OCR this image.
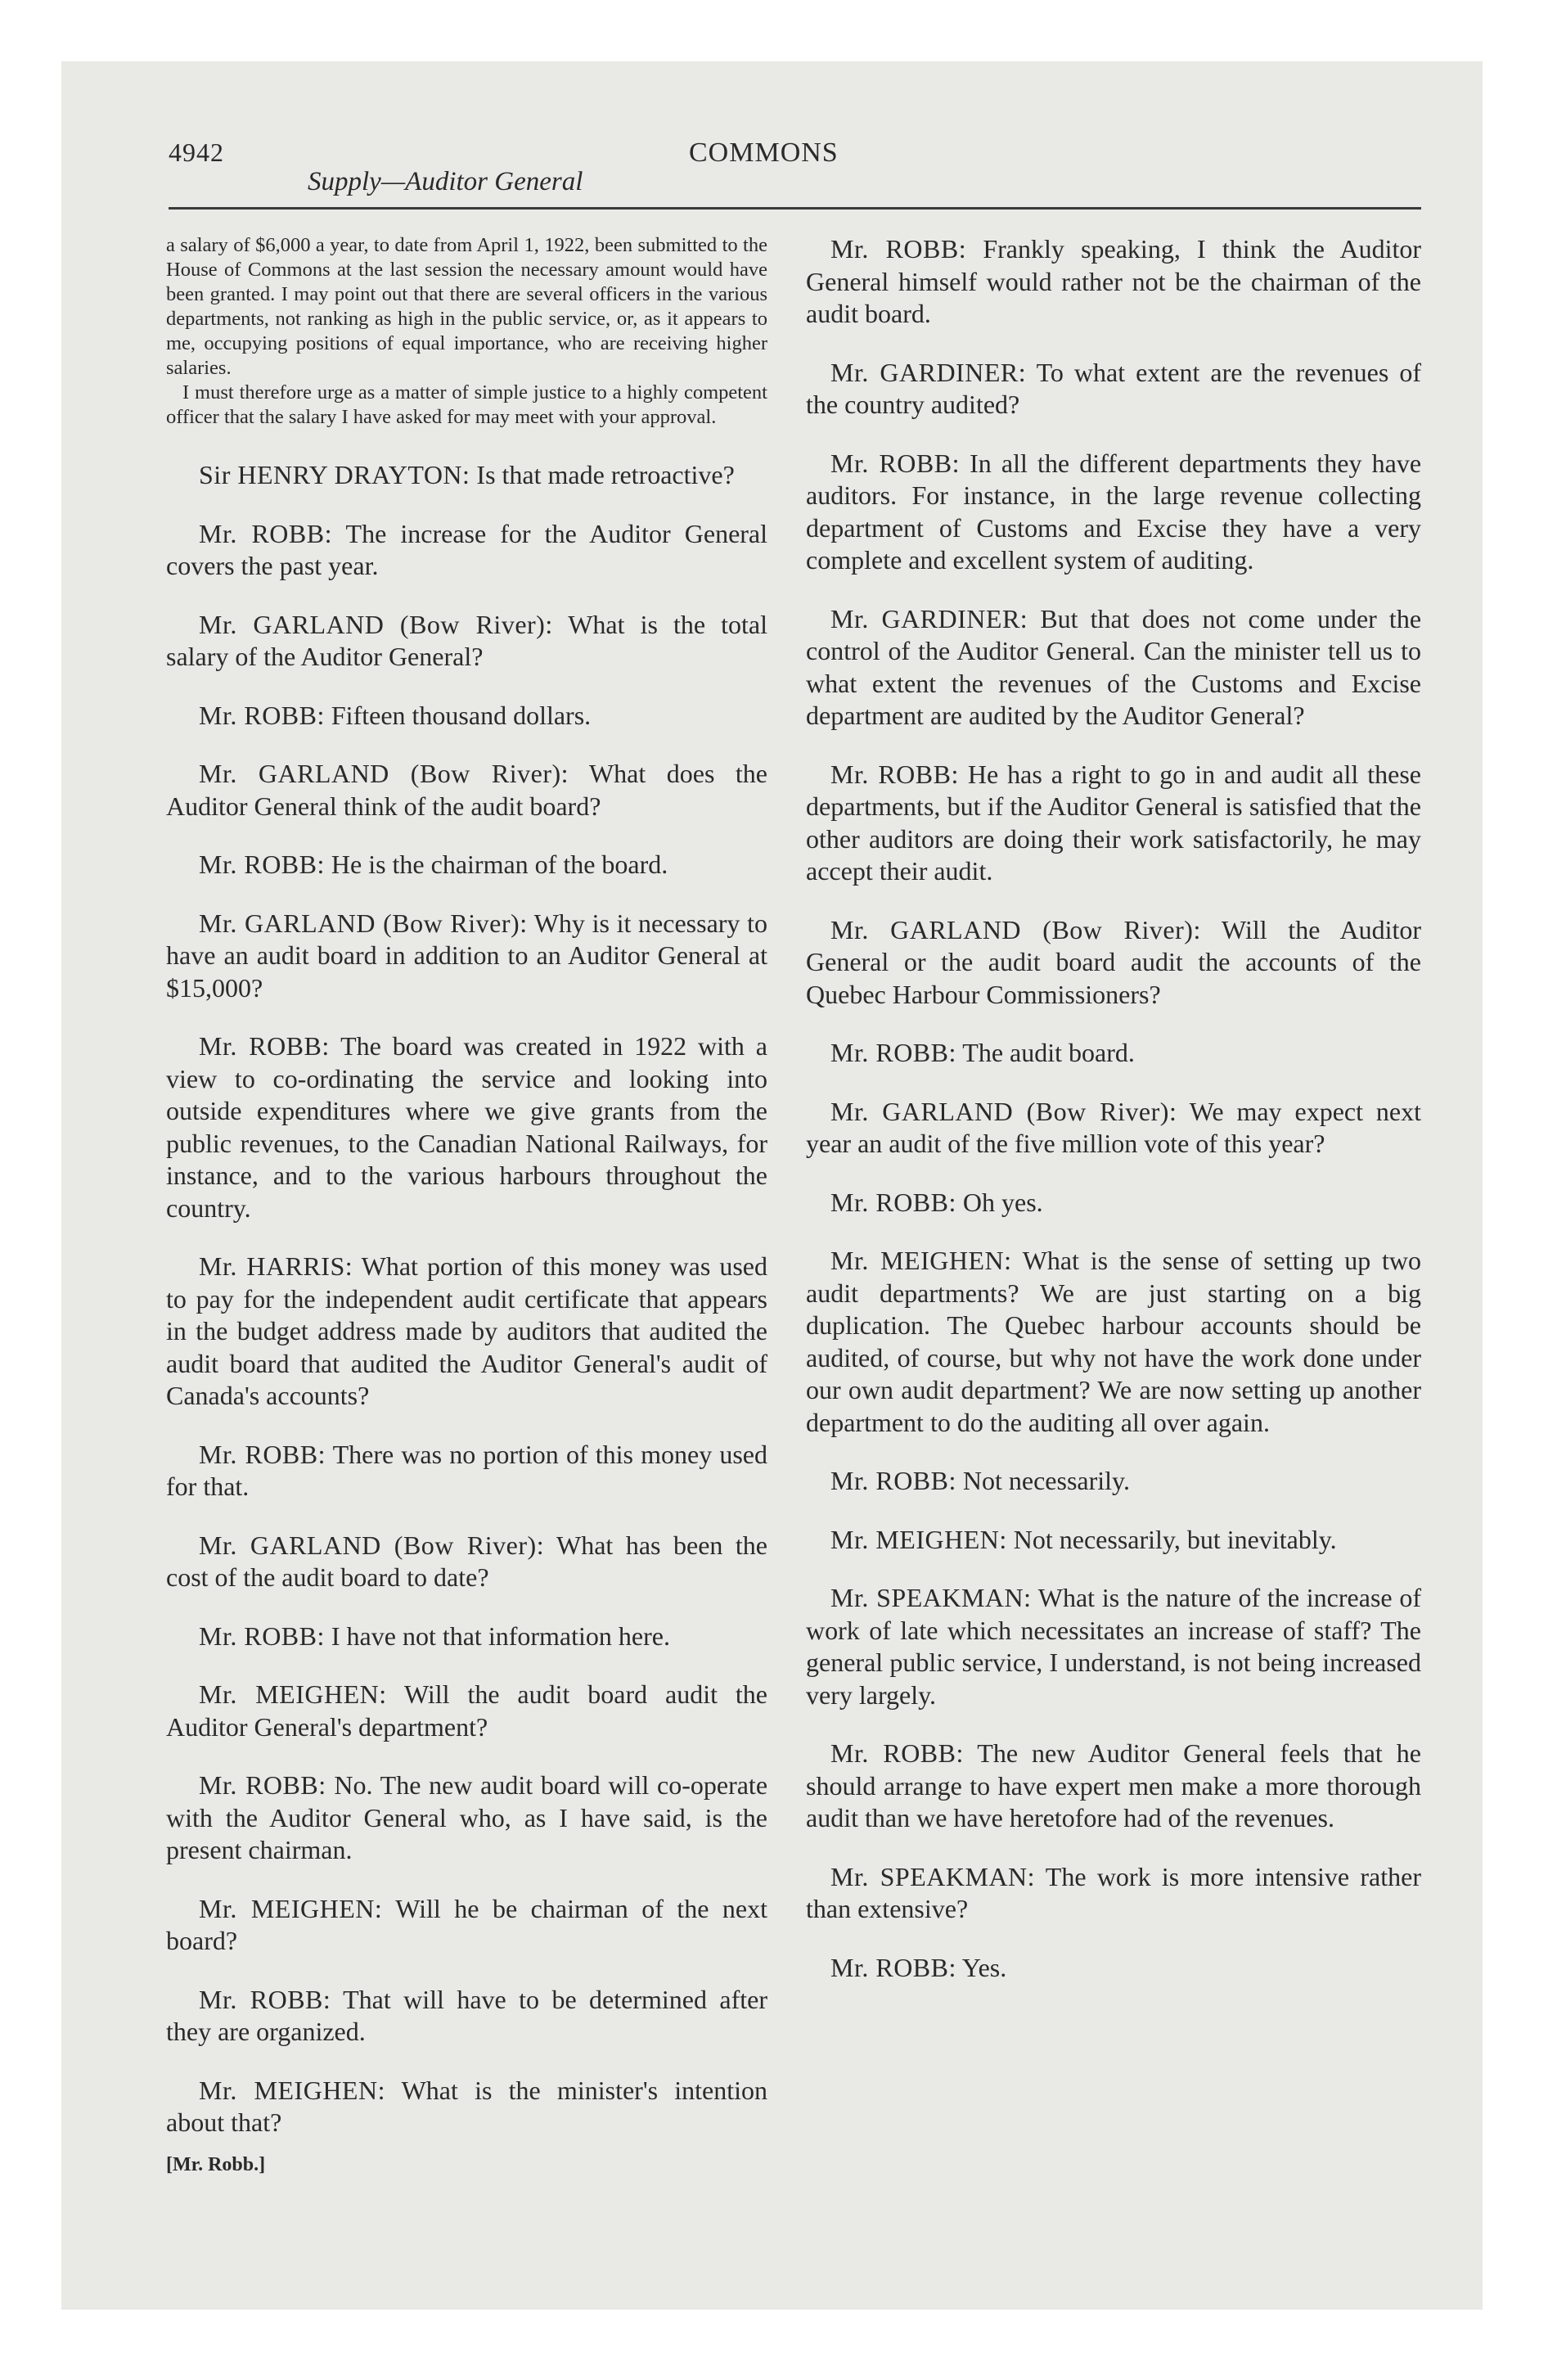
4942	COMMONS
Supply—Auditor General

a salary of $6,000 a year, to date from April 1, 1922, been submitted to the House of Commons at the last session the necessary amount would have been granted. I may point out that there are several officers in the various departments, not ranking as high in the public service, or, as it appears to me, occupying positions of equal importance, who are receiving higher salaries.

I must therefore urge as a matter of simple justice to a highly competent officer that the salary I have asked for may meet with your approval.

Sir HENRY DRAYTON : Is that made retroactive?

Mr. ROBB : The increase for the Auditor General covers the past year.

Mr. GARLAND (Bow River) : What is the total salary of the Auditor General?

Mr. ROBB : Fifteen thousand dollars.

Mr. GARLAND (Bow River) : What does the Auditor General think of the audit board?

Mr. ROBB : He is the chairman of the board.

Mr. GARLAND (Bow River) : Why is it necessary to have an audit board in addition to an Auditor General at $15,000?

Mr. ROBB : The board was created in 1922 with a view to co-ordinating the service and looking into outside expenditures where we give grants from the public revenues, to the Canadian National Railways, for instance, and to the various harbours throughout the country.

Mr. HARRIS : What portion of this money was used to pay for the independent audit certificate that appears in the budget address made by auditors that audited the audit board that audited the Auditor General's audit of Canada's accounts?

Mr. ROBB : There was no portion of this money used for that.

Mr. GARLAND (Bow River) : What has been the cost of the audit board to date?

Mr. ROBB : I have not that information here.

Mr. MEIGHEN : Will the audit board audit the Auditor General's department?

Mr. ROBB : No. The new audit board will co-operate with the Auditor General who, as I have said, is the present chairman.

Mr. MEIGHEN : Will he be chairman of the next board?

Mr. ROBB : That will have to be determined after they are organized.

Mr. MEIGHEN : What is the minister's intention about that?

[Mr. Robb.]

Mr. ROBB : Frankly speaking, I think the Auditor General himself would rather not be the chairman of the audit board.

Mr. GARDINER : To what extent are the revenues of the country audited?

Mr. ROBB : In all the different departments they have auditors. For instance, in the large revenue collecting department of Customs and Excise they have a very complete and excellent system of auditing.

Mr. GARDINER : But that does not come under the control of the Auditor General. Can the minister tell us to what extent the revenues of the Customs and Excise department are audited by the Auditor General?

Mr. ROBB : He has a right to go in and audit all these departments, but if the Auditor General is satisfied that the other auditors are doing their work satisfactorily, he may accept their audit.

Mr. GARLAND (Bow River) : Will the Auditor General or the audit board audit the accounts of the Quebec Harbour Commissioners?

Mr. ROBB : The audit board.

Mr. GARLAND (Bow River) : We may expect next year an audit of the five million vote of this year?

Mr. ROBB : Oh yes.

Mr. MEIGHEN : What is the sense of setting up two audit departments? We are just starting on a big duplication. The Quebec harbour accounts should be audited, of course, but why not have the work done under our own audit department? We are now setting up another department to do the auditing all over again.

Mr. ROBB : Not necessarily.

Mr. MEIGHEN : Not necessarily, but inevitably.

Mr. SPEAKMAN : What is the nature of the increase of work of late which necessitates an increase of staff? The general public service, I understand, is not being increased very largely.

Mr. ROBB : The new Auditor General feels that he should arrange to have expert men make a more thorough audit than we have heretofore had of the revenues.

Mr. SPEAKMAN : The work is more intensive rather than extensive?

Mr. ROBB : Yes.
